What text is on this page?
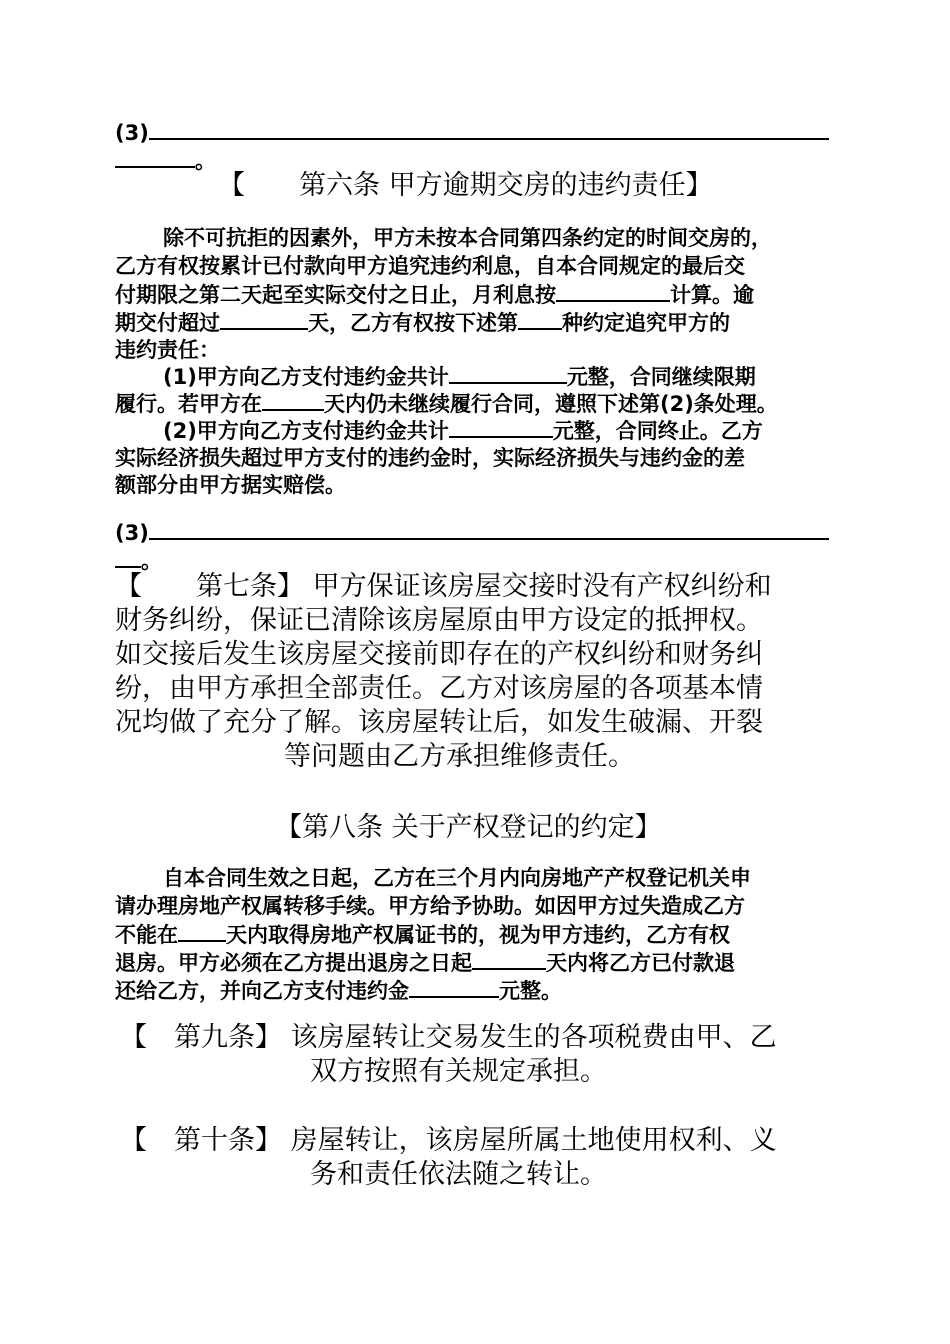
(3)
。
【　　第六条 甲方逾期交房的违约责任】
除不可抗拒的因素外，甲方未按本合同第四条约定的时间交房的，
乙方有权按累计已付款向甲方追究违约利息，自本合同规定的最后交
付期限之第二天起至实际交付之日止，月利息按	计算。逾
期交付超过	天，乙方有权按下述第 种约定追究甲方的
违约责任：
(1)甲方向乙方支付违约金共计	元整，合同继续限期
履行。若甲方在	天内仍未继续履行合同，遵照下述第(2)条处理。
(2)甲方向乙方支付违约金共计	元整，合同终止。乙方
实际经济损失超过甲方支付的违约金时，实际经济损失与违约金的差
额部分由甲方据实赔偿。
(3)
。
【　　第七条】 甲方保证该房屋交接时没有产权纠纷和
财务纠纷，保证已清除该房屋原由甲方设定的抵押权。
如交接后发生该房屋交接前即存在的产权纠纷和财务纠
纷，由甲方承担全部责任。乙方对该房屋的各项基本情
况均做了充分了解。该房屋转让后，如发生破漏、开裂
等问题由乙方承担维修责任。
【第八条 关于产权登记的约定】
自本合同生效之日起，乙方在三个月内向房地产产权登记机关申
请办理房地产权属转移手续。甲方给予协助。如因甲方过失造成乙方
不能在 天内取得房地产权属证书的，视为甲方违约，乙方有权
退房。甲方必须在乙方提出退房之日起	天内将乙方已付款退
还给乙方，并向乙方支付违约金	元整。
【　第九条】 该房屋转让交易发生的各项税费由甲、乙
双方按照有关规定承担。
【　第十条】 房屋转让，该房屋所属土地使用权利、义
务和责任依法随之转让。
